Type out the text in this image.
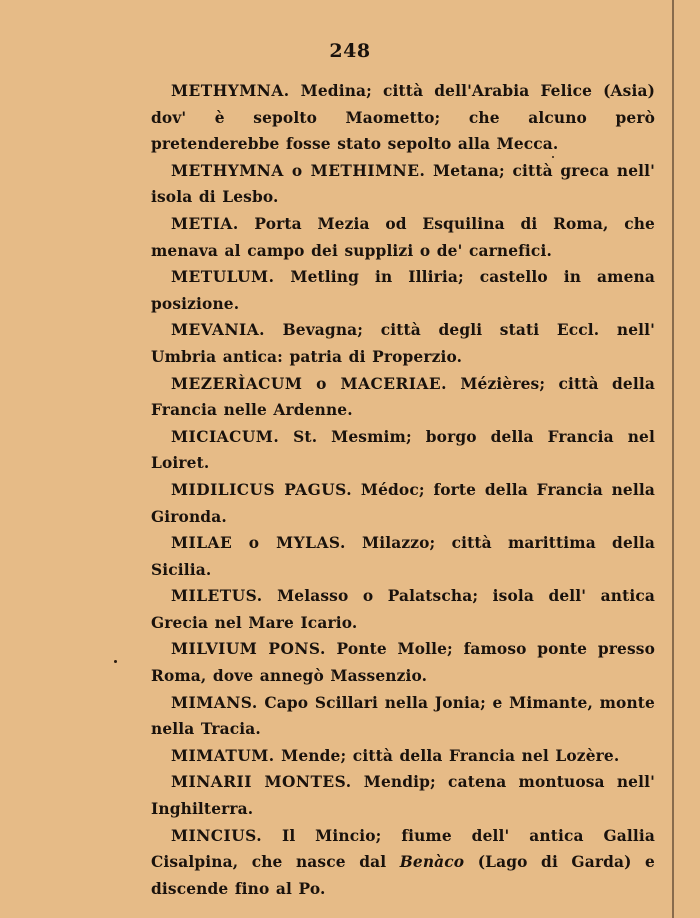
248

METHYMNA. Medina; città dell'Arabia Felice (Asia) dov' è sepolto Maometto; che alcuno però pretenderebbe fosse stato sepolto alla Mecca.

METHYMNA o METHIMNE. Metana; città greca nell' isola di Lesbo.

METIA. Porta Mezia od Esquilina di Roma, che menava al campo dei supplizi o de' carnefici.

METULUM. Metling in Illiria; castello in amena posizione.

MEVANIA. Bevagna; città degli stati Eccl. nell' Umbria antica: patria di Properzio.

MEZERÌACUM o MACERIAE. Mézières; città della Francia nelle Ardenne.

MICIACUM. St. Mesmim; borgo della Francia nel Loiret.

MIDILICUS PAGUS. Médoc; forte della Francia nella Gironda.

MILAE o MYLAS. Milazzo; città marittima della Sicilia.

MILETUS. Melasso o Palatscha; isola dell' antica Grecia nel Mare Icario.

MILVIUM PONS. Ponte Molle; famoso ponte presso Roma, dove annegò Massenzio.

MIMANS. Capo Scillari nella Jonia; e Mimante, monte nella Tracia.

MIMATUM. Mende; città della Francia nel Lozère.

MINARII MONTES. Mendip; catena montuosa nell' Inghilterra.

MINCIUS. Il Mincio; fiume dell' antica Gallia Cisalpina, che nasce dal Benàco (Lago di Garda) e discende fino al Po.
